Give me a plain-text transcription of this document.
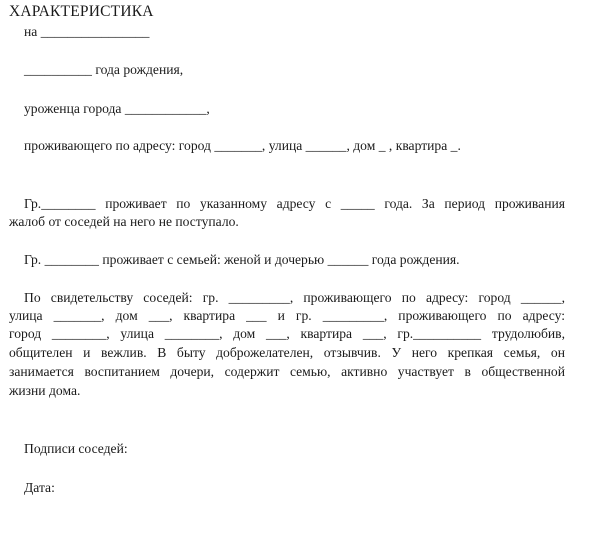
ХАРАКТЕРИСТИКА
на ________________
__________ года рождения,
уроженца города ____________,
проживающего по адресу: город _______, улица ______, дом _ , квартира _.
Гр.________ проживает по указанному адресу с _____ года. За период проживания
жалоб от соседей на него не поступало.
Гр. ________ проживает с семьей: женой и дочерью ______ года рождения.
По свидетельству соседей: гр. _________, проживающего по адресу: город ______,
улица _______, дом ___, квартира ___ и гр. _________, проживающего по адресу:
город ________, улица ________, дом ___, квартира ___, гр.__________ трудолюбив,
общителен и вежлив. В быту доброжелателен, отзывчив. У него крепкая семья, он
занимается воспитанием дочери, содержит семью, активно участвует в общественной
жизни дома.
Подписи соседей:
Дата:
